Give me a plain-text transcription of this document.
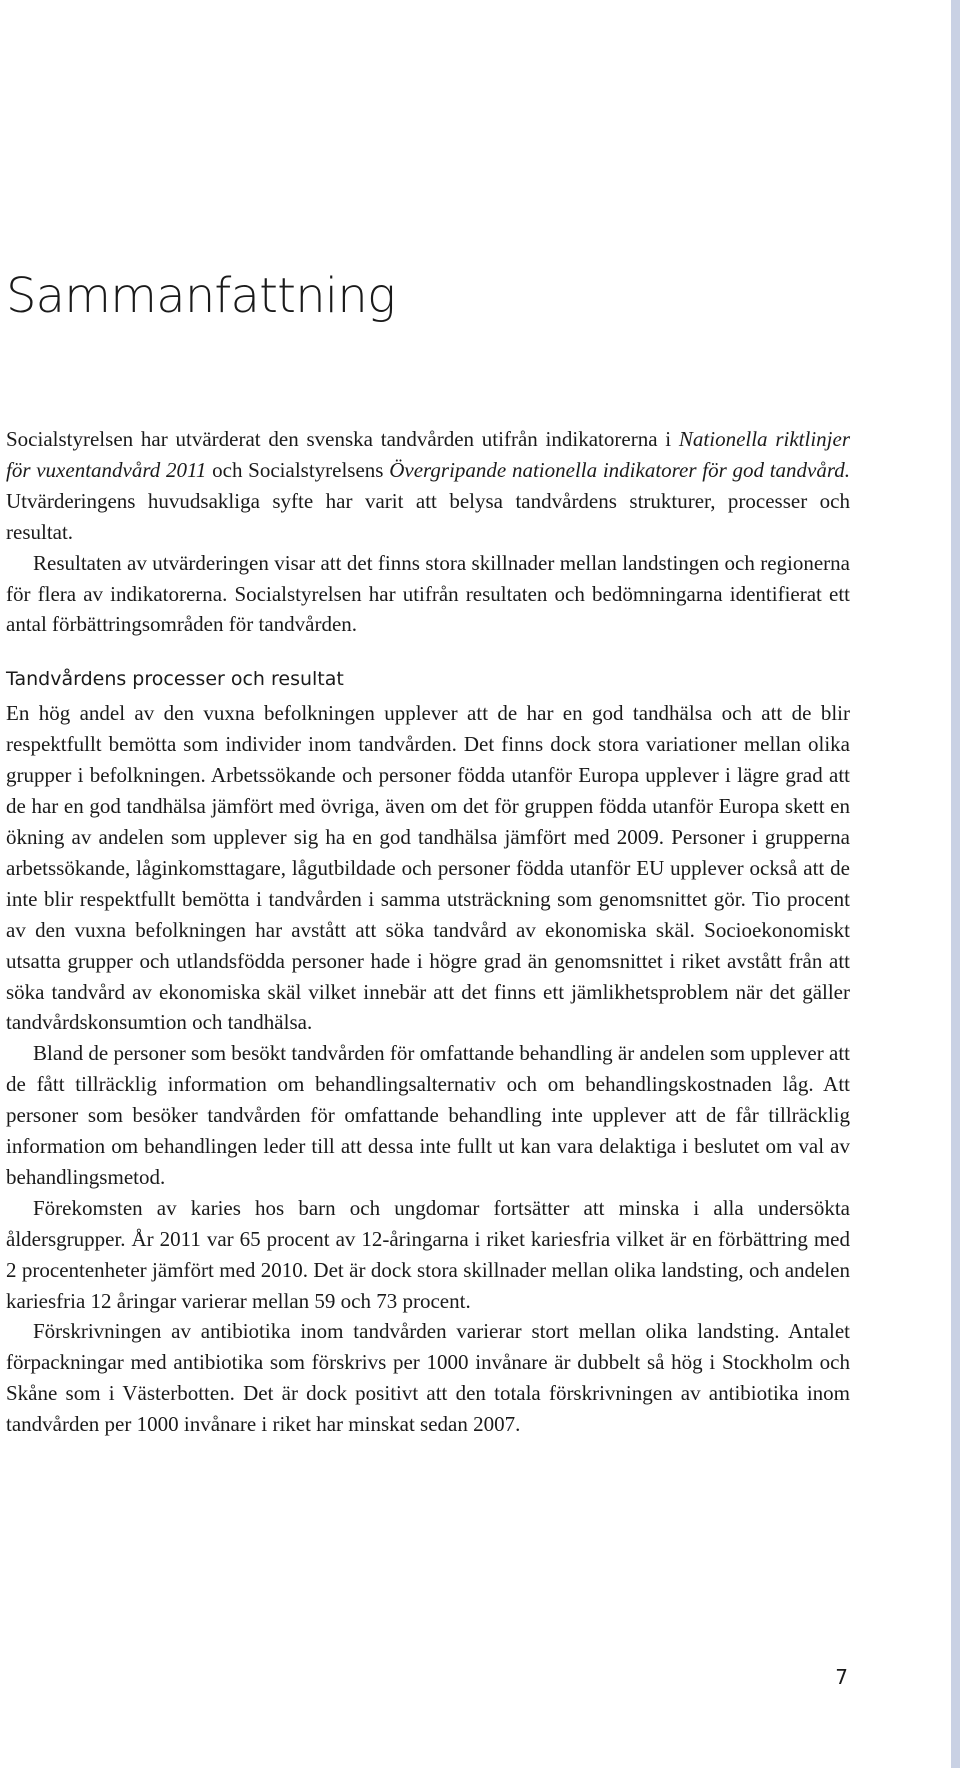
Sammanfattning

Socialstyrelsen har utvärderat den svenska tandvården utifrån indikatorerna i Nationella riktlinjer för vuxentandvård 2011 och Socialstyrelsens Övergripande nationella indikatorer för god tandvård. Utvärderingens huvudsakliga syfte har varit att belysa tandvårdens strukturer, processer och resultat.

Resultaten av utvärderingen visar att det finns stora skillnader mellan landstingen och regionerna för flera av indikatorerna. Socialstyrelsen har utifrån resultaten och bedömningarna identifierat ett antal förbättringsområden för tandvården.

Tandvårdens processer och resultat

En hög andel av den vuxna befolkningen upplever att de har en god tandhälsa och att de blir respektfullt bemötta som individer inom tandvården. Det finns dock stora variationer mellan olika grupper i befolkningen. Arbetssökande och personer födda utanför Europa upplever i lägre grad att de har en god tandhälsa jämfört med övriga, även om det för gruppen födda utanför Europa skett en ökning av andelen som upplever sig ha en god tandhälsa jämfört med 2009. Personer i grupperna arbetssökande, låginkomsttagare, lågutbildade och personer födda utanför EU upplever också att de inte blir respektfullt bemötta i tandvården i samma utsträckning som genomsnittet gör. Tio procent av den vuxna befolkningen har avstått att söka tandvård av ekonomiska skäl. Socioekonomiskt utsatta grupper och utlandsfödda personer hade i högre grad än genomsnittet i riket avstått från att söka tandvård av ekonomiska skäl vilket innebär att det finns ett jämlikhetsproblem när det gäller tandvårdskonsumtion och tandhälsa.

Bland de personer som besökt tandvården för omfattande behandling är andelen som upplever att de fått tillräcklig information om behandlingsalternativ och om behandlingskostnaden låg. Att personer som besöker tandvården för omfattande behandling inte upplever att de får tillräcklig information om behandlingen leder till att dessa inte fullt ut kan vara delaktiga i beslutet om val av behandlingsmetod.

Förekomsten av karies hos barn och ungdomar fortsätter att minska i alla undersökta åldersgrupper. År 2011 var 65 procent av 12-åringarna i riket kariesfria vilket är en förbättring med 2 procentenheter jämfört med 2010. Det är dock stora skillnader mellan olika landsting, och andelen kariesfria 12 åringar varierar mellan 59 och 73 procent.

Förskrivningen av antibiotika inom tandvården varierar stort mellan olika landsting. Antalet förpackningar med antibiotika som förskrivs per 1000 invånare är dubbelt så hög i Stockholm och Skåne som i Västerbotten. Det är dock positivt att den totala förskrivningen av antibiotika inom tandvården per 1000 invånare i riket har minskat sedan 2007.

7
